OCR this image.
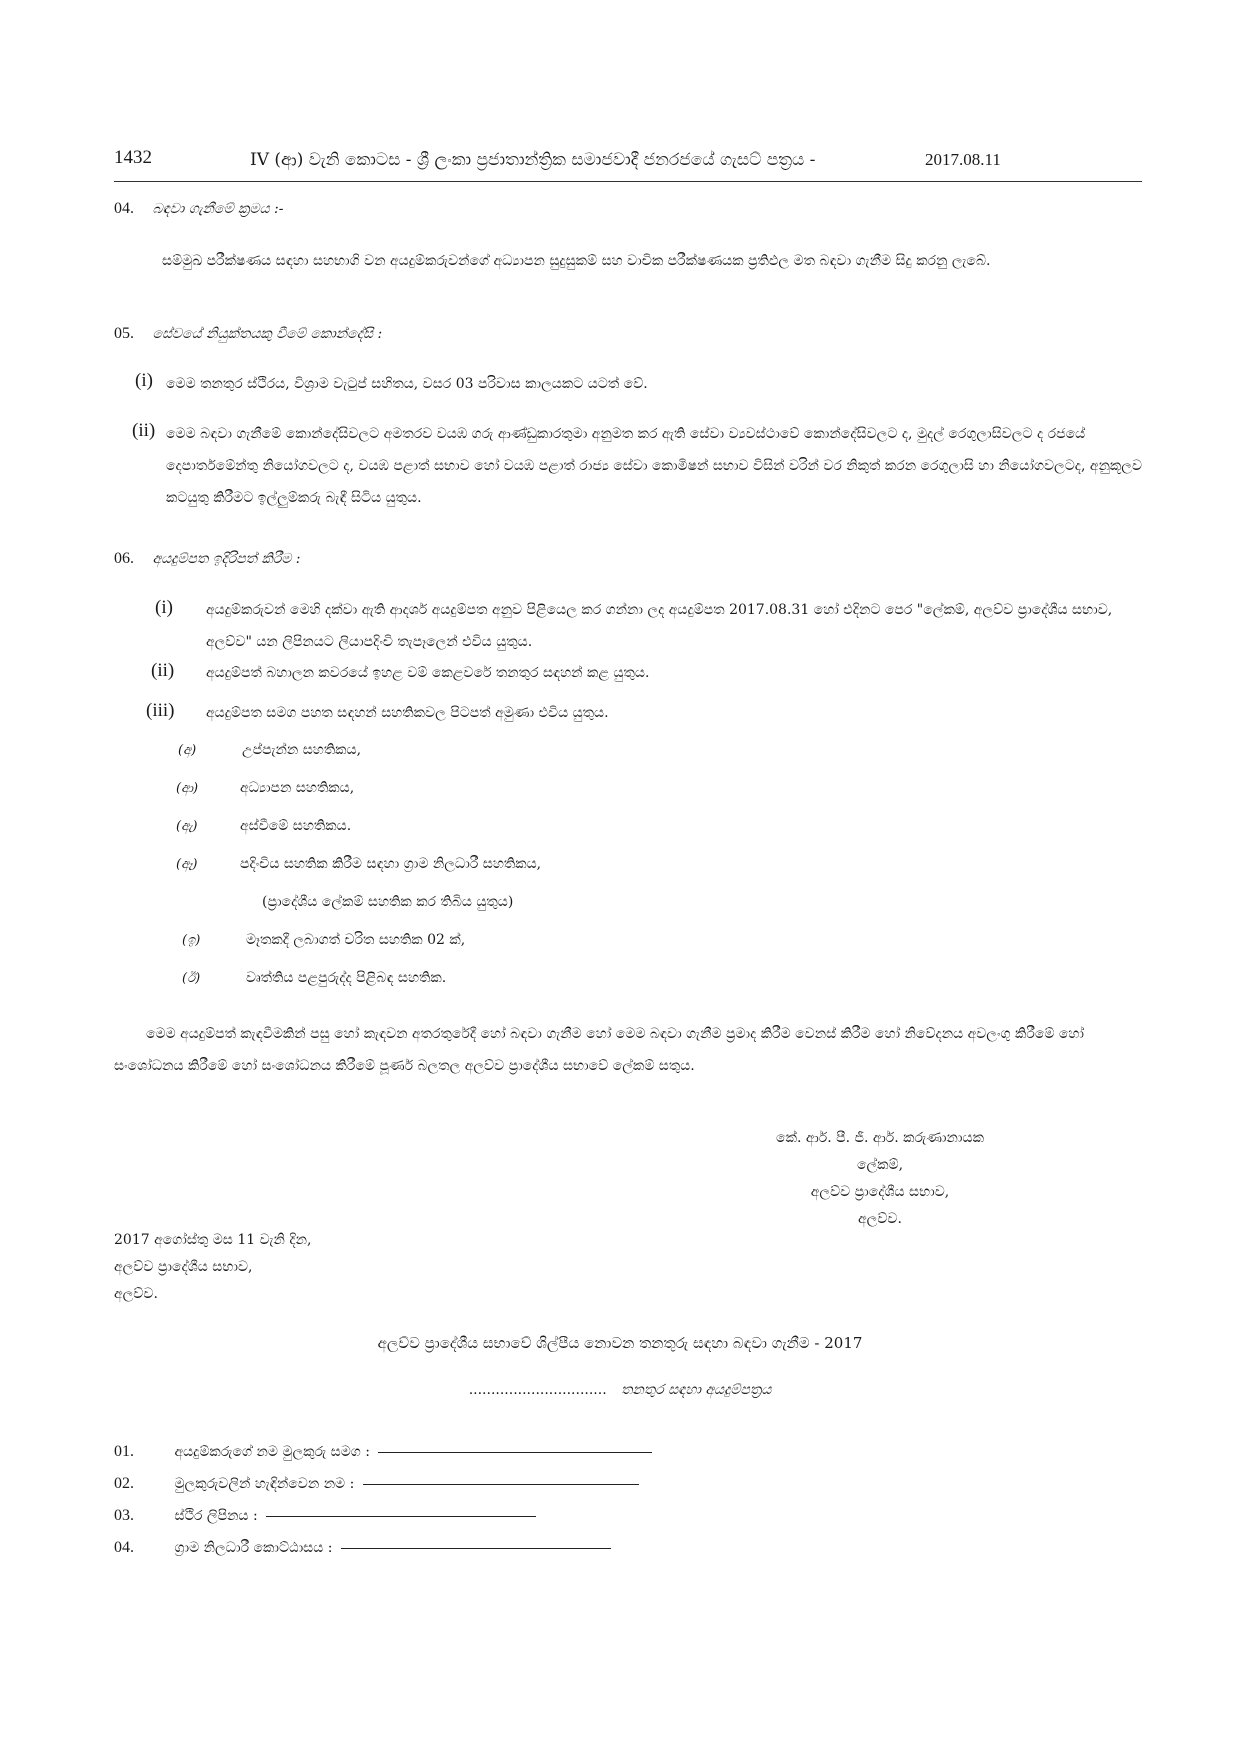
1432	IV (ආ) වැනි කොටස - ශ්‍රී ලංකා ප්‍රජාතාන්ත්‍රික සමාජවාදී ජනරජයේ ගැසට් පත්‍රය -	2017.08.11
04. බඳවා ගැනීමේ ක්‍රමය :-
සම්මුඛ පරීක්ෂණය සඳහා සහභාගි වන අයදුම්කරුවන්ගේ අධ්‍යාපන සුදුසුකම් සහ වාචික පරීක්ෂණයක ප්‍රතිඵල මත බඳවා ගැනීම සිදු කරනු ලැබේ.
05. සේවයේ නියුක්තයකු වීමේ කොන්දේසි :
(i) මෙම තනතුර ස්ථිරය, විශ්‍රාම වැටුප් සහිතය, වසර 03 පරිවාස කාලයකට යටත් වේ.
(ii) මෙම බඳවා ගැනීමේ කොන්දේසිවලට අමතරව වයඹ ගරු ආණ්ඩුකාරතුමා අනුමත කර ඇති සේවා ව්‍යවස්ථාවේ කොන්දේසිවලට ද, මුදල් රෙගුලාසිවලට ද රජයේ දෙපාර්තමේන්තු නියෝගවලට ද, වයඹ පළාත් සභාව හෝ වයඹ පළාත් රාජ්‍ය සේවා කොමිෂන් සභාව විසින් වරින් වර නිකුත් කරන රෙගුලාසි හා නියෝගවලටද, අනුකූලව කටයුතු කිරීමට ඉල්ලුම්කරු බැඳී සිටිය යුතුය.
06. අයදුම්පත ඉදිරිපත් කිරීම :
(i) අයදුම්කරුවන් මෙහි දක්වා ඇති ආදර්ශ අයදුම්පත අනුව පිළියෙල කර ගන්නා ලද අයදුම්පත 2017.08.31 හෝ එදිනට පෙර "ලේකම්, අලව්ව ප්‍රාදේශීය සභාව, අලව්ව" යන ලිපිනයට ලියාපදිංචි තැපෑලෙන් එවිය යුතුය.
(ii) අයදුම්පත් බහාලන කවරයේ ඉහළ වම් කෙළවරේ තනතුර සඳහන් කළ යුතුය.
(iii) අයදුම්පත සමග පහත සඳහන් සහතිකවල පිටපත් අමුණා එවිය යුතුය.
(අ)	උප්පැන්න සහතිකය,
(ආ)	අධ්‍යාපන සහතිකය,
(ඇ)	අස්වීමේ සහතිකය.
(ඈ)	පදිංචිය සහතික කිරීම සඳහා ග්‍රාම නිලධාරී සහතිකය,
(ප්‍රාදේශීය ලේකම් සහතික කර තිබිය යුතුය)
(ඉ)	මෑතකදී ලබාගත් චරිත සහතික 02 ක්,
(ඊ)	වෘත්තිය පළපුරුද්ද පිළිබඳ සහතික.
මෙම අයදුම්පත් කැඳවීමකින් පසු හෝ කැඳවන අතරතුරේදී හෝ බඳවා ගැනීම හෝ මෙම බඳවා ගැනීම ප්‍රමාද කිරීම වෙනස් කිරීම හෝ නිවේදනය අවලංගු කිරීමේ හෝ සංශෝධනය කිරීමේ හෝ සංශෝධනය කිරීමේ පූර්ණ බලතල අලව්ව ප්‍රාදේශීය සභාවේ ලේකම් සතුය.
කේ. ආර්. පී. ජී. ආර්. කරුණානායක
ලේකම්,
අලව්ව ප්‍රාදේශීය සභාව,
අලව්ව.
2017 අගෝස්තු මස 11 වැනි දින,
අලව්ව ප්‍රාදේශීය සභාව,
අලව්ව.
අලව්ව ප්‍රාදේශීය සභාවේ ශිල්පීය නොවන තනතුරු සඳහා බඳවා ගැනීම - 2017
............................... තනතුර සඳහා අයදුම්පත්‍රය
01.	අයදුම්කරුගේ නම මුලකුරු සමග :
02.	මුලකුරුවලින් හැඳින්වෙන නම :
03.	ස්ථිර ලිපිනය :
04.	ග්‍රාම නිලධාරී කොට්ඨාසය :
